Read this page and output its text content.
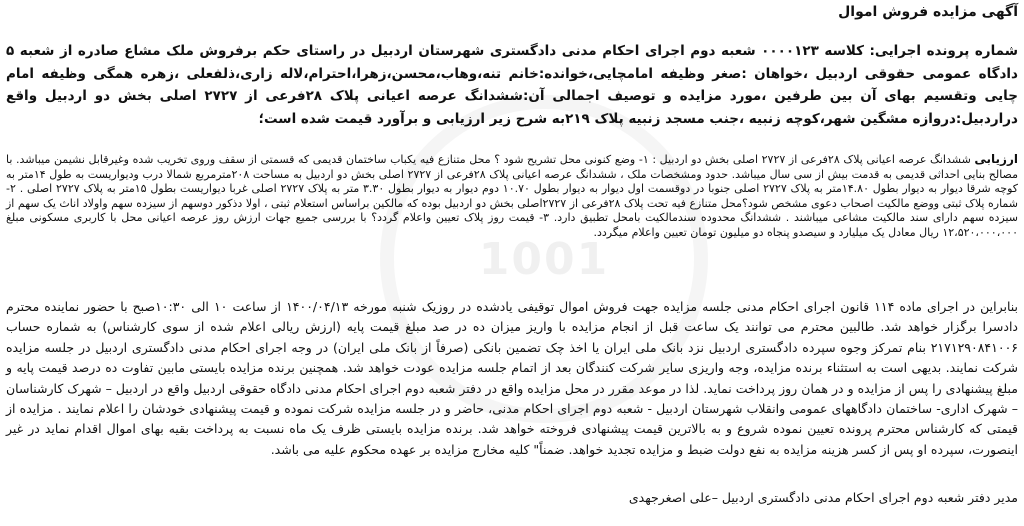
1001
آگهی مزایده فروش اموال
شماره پرونده اجرایی: کلاسه ۰۰۰۰۱۲۳ شعبه دوم اجرای احکام مدنی دادگستری شهرستان اردبیل در راستای حکم برفروش ملک مشاع صادره از شعبه ۵ دادگاه عمومی حقوقی اردبیل ،خواهان :صغر وظیفه امامچایی،خوانده:خانم تنه،وهاب،محسن،زهرا،احترام،لاله زاری،ذلفعلی ،زهره همگی وظیفه امام چایی وتقسیم بهای آن بین طرفین ،مورد مزایده و توصیف اجمالی آن:ششدانگ عرصه اعیانی پلاک ۲۸فرعی از ۲۷۲۷ اصلی بخش دو اردبیل واقع دراردبیل:دروازه مشگین شهر،کوچه زنبیه ،جنب مسجد زنبیه پلاک ۲۱۹به شرح زیر ارزیابی و برآورد قیمت شده است؛
ارزیابی ششدانگ عرصه اعیانی پلاک ۲۸فرعی از ۲۷۲۷ اصلی بخش دو اردبیل : ۱- وضع کنونی محل تشریح شود ؟ محل متنازع فیه یکباب ساختمان قدیمی که قسمتی از سقف وروی تخریب شده وغیرقابل نشیمن میباشد. با مصالح بنایی احداثی قدیمی به قدمت بیش از سی سال میباشد. حدود ومشخصات ملک ، ششدانگ عرصه اعیانی پلاک ۲۸فرعی از ۲۷۲۷ اصلی بخش دو اردبیل به مساحت ۲۰۸مترمربع شمالا درب وديواريست به طول ۱۴متر به کوچه شرقا دیوار به دیوار بطول ۱۴.۸۰متر به پلاک ۲۷۲۷ اصلی جنوبا در دوقسمت اول دیوار به دیوار بطول ۱۰.۷۰ دوم دیوار به دیوار بطول ۳.۳۰ متر به پلاک ۲۷۲۷ اصلی غربا دیواریست بطول ۱۵متر به پلاک ۲۷۲۷ اصلی . ۲- شماره پلاک ثبتی ووضع مالکیت اصحاب دعوی مشخص شود؟محل متنازع فیه تحت پلاک ۲۸فرعی از ۲۷۲۷اصلی بخش دو اردبیل بوده که مالکین براساس استعلام ثبتی ، اولا دذکور دوسهم از سیزده سهم واولاد اناث یک سهم از سیزده سهم دارای سند مالکیت مشاعی میباشند . ششدانگ محدوده سندمالکیت بامحل تطبیق دارد. ۳- قیمت روز پلاک تعیین واعلام گردد؟ با بررسی جمیع جهات ارزش روز عرصه اعیانی محل با کاربری مسکونی مبلغ ۱۲،۵۲۰،۰۰۰،۰۰۰ ریال معادل یک میلیارد و سیصدو پنجاه دو میلیون تومان تعیین واعلام میگردد.
بنابراین در اجرای ماده ۱۱۴ قانون اجرای احکام مدنی جلسه مزایده جهت فروش اموال توقیفی یادشده در روزیک شنبه مورخه ۱۴۰۰/۰۴/۱۳ از ساعت ۱۰ الی ۱۰:۳۰صبح با حضور نماینده محترم دادسرا برگزار خواهد شد. طالبین محترم می توانند یک ساعت قبل از انجام مزایده با واریز میزان ده در صد مبلغ قیمت پایه (ارزش ریالی اعلام شده از سوی کارشناس) به شماره حساب ۲۱۷۱۲۹۰۸۴۱۰۰۶ بنام تمرکز وجوه سپرده دادگستری اردبیل نزد بانک ملی ایران یا اخذ چک تضمین بانکی (صرفاً از بانک ملی ایران) در وجه اجرای احکام مدنی دادگستری اردبیل در جلسه مزایده شرکت نمایند. بدیهی است به استثناء برنده مزایده، وجه واریزی سایر شرکت کنندگان بعد از اتمام جلسه مزایده عودت خواهد شد. همچنین برنده مزایده بایستی مابین تفاوت ده درصد قیمت پایه و مبلغ پیشنهادی را پس از مزایده و در همان روز پرداخت نماید. لذا در موعد مقرر در محل مزایده واقع در دفتر شعبه دوم اجرای احکام مدنی دادگاه حقوقی اردبیل واقع در اردبیل – شهرک کارشناسان – شهرک اداری- ساختمان دادگاههای عمومی وانقلاب شهرستان اردبیل - شعبه دوم اجرای احکام مدنی، حاضر و در جلسه مزایده شرکت نموده و قیمت پیشنهادی خودشان را اعلام نمایند . مزایده از قیمتی که کارشناس محترم پرونده تعیین نموده شروع و به بالاترین قیمت پیشنهادی فروخته خواهد شد. برنده مزایده بایستی ظرف یک ماه نسبت به پرداخت بقیه بهای اموال اقدام نماید در غیر اینصورت، سپرده او پس از کسر هزینه مزایده به نفع دولت ضبط و مزایده تجدید خواهد. ضمناً" کلیه مخارج مزایده بر عهده محکوم علیه می باشد.
مدیر دفتر شعبه دوم اجرای احکام مدنی دادگستری اردبیل –علی اصغرجهدی
